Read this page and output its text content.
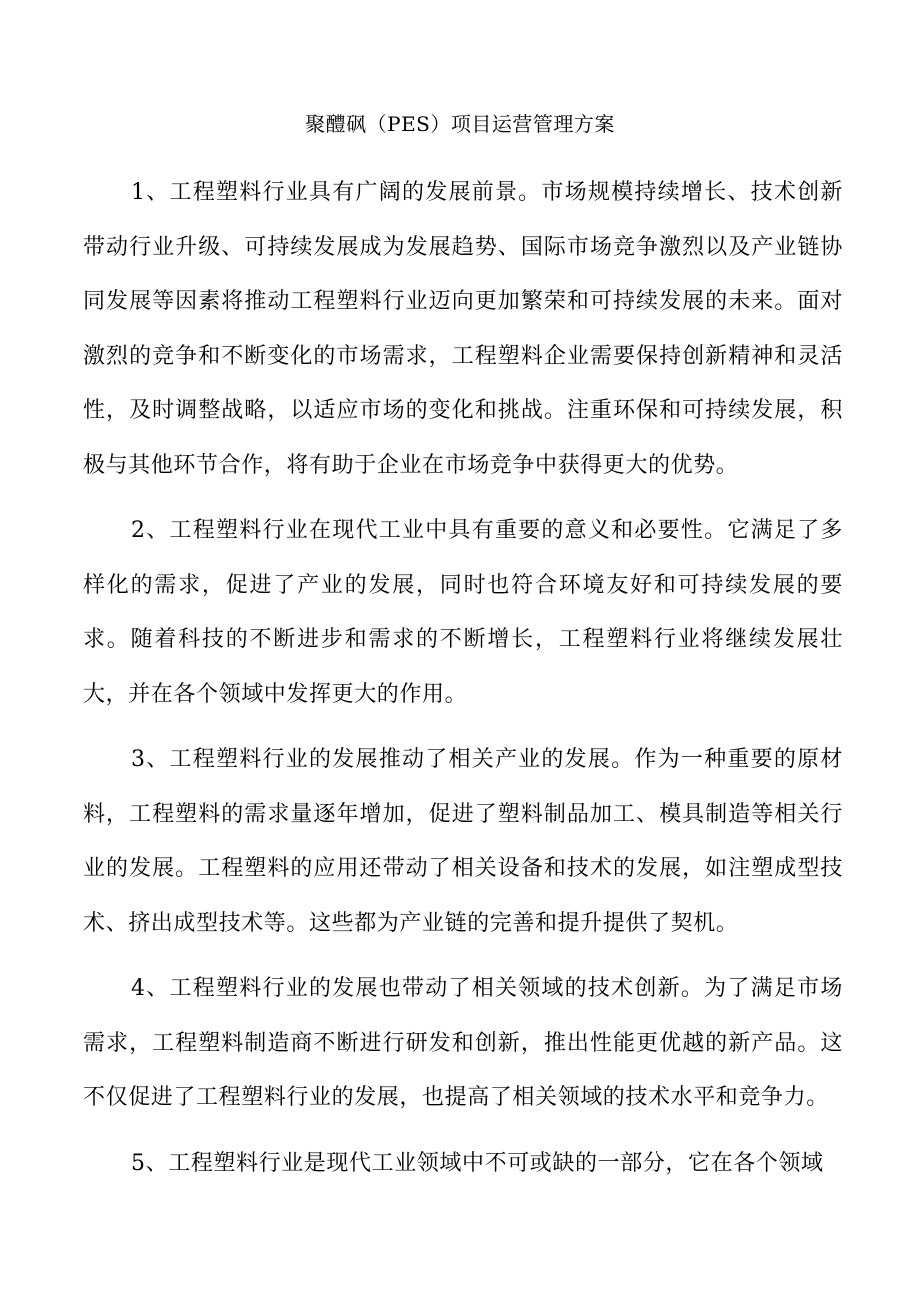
聚醴砜（PES）项目运营管理方案

1、工程塑料行业具有广阔的发展前景。市场规模持续增长、技术创新带动行业升级、可持续发展成为发展趋势、国际市场竞争激烈以及产业链协同发展等因素将推动工程塑料行业迈向更加繁荣和可持续发展的未来。面对激烈的竞争和不断变化的市场需求，工程塑料企业需要保持创新精神和灵活性，及时调整战略，以适应市场的变化和挑战。注重环保和可持续发展，积极与其他环节合作，将有助于企业在市场竞争中获得更大的优势。

2、工程塑料行业在现代工业中具有重要的意义和必要性。它满足了多样化的需求，促进了产业的发展，同时也符合环境友好和可持续发展的要求。随着科技的不断进步和需求的不断增长，工程塑料行业将继续发展壮大，并在各个领域中发挥更大的作用。

3、工程塑料行业的发展推动了相关产业的发展。作为一种重要的原材料，工程塑料的需求量逐年增加，促进了塑料制品加工、模具制造等相关行业的发展。工程塑料的应用还带动了相关设备和技术的发展，如注塑成型技术、挤出成型技术等。这些都为产业链的完善和提升提供了契机。

4、工程塑料行业的发展也带动了相关领域的技术创新。为了满足市场需求，工程塑料制造商不断进行研发和创新，推出性能更优越的新产品。这不仅促进了工程塑料行业的发展，也提高了相关领域的技术水平和竞争力。

5、工程塑料行业是现代工业领域中不可或缺的一部分，它在各个领域
